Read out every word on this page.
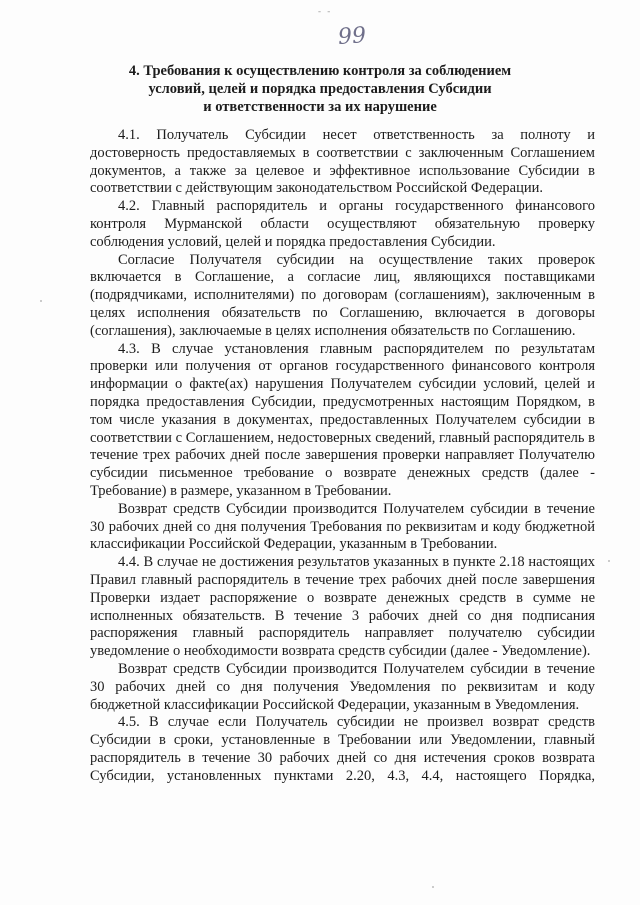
- -
99
4. Требования к осуществлению контроля за соблюдением
условий, целей и порядка предоставления Субсидии
и ответственности за их нарушение

4.1. Получатель Субсидии несет ответственность за полноту и достоверность предоставляемых в соответствии с заключенным Соглашением документов, а также за целевое и эффективное использование Субсидии в соответствии с действующим законодательством Российской Федерации.

4.2. Главный распорядитель и органы государственного финансового контроля Мурманской области осуществляют обязательную проверку соблюдения условий, целей и порядка предоставления Субсидии.

Согласие Получателя субсидии на осуществление таких проверок включается в Соглашение, а согласие лиц, являющихся поставщиками (подрядчиками, исполнителями) по договорам (соглашениям), заключенным в целях исполнения обязательств по Соглашению, включается в договоры (соглашения), заключаемые в целях исполнения обязательств по Соглашению.

4.3. В случае установления главным распорядителем по результатам проверки или получения от органов государственного финансового контроля информации о факте(ах) нарушения Получателем субсидии условий, целей и порядка предоставления Субсидии, предусмотренных настоящим Порядком, в том числе указания в документах, предоставленных Получателем субсидии в соответствии с Соглашением, недостоверных сведений, главный распорядитель в течение трех рабочих дней после завершения проверки направляет Получателю субсидии письменное требование о возврате денежных средств (далее - Требование) в размере, указанном в Требовании.

Возврат средств Субсидии производится Получателем субсидии в течение 30 рабочих дней со дня получения Требования по реквизитам и коду бюджетной классификации Российской Федерации, указанным в Требовании.

4.4. В случае не достижения результатов указанных в пункте 2.18 настоящих Правил главный распорядитель в течение трех рабочих дней после завершения Проверки издает распоряжение о возврате денежных средств в сумме не исполненных обязательств. В течение 3 рабочих дней со дня подписания распоряжения главный распорядитель направляет получателю субсидии уведомление о необходимости возврата средств субсидии (далее - Уведомление).

Возврат средств Субсидии производится Получателем субсидии в течение 30 рабочих дней со дня получения Уведомления по реквизитам и коду бюджетной классификации Российской Федерации, указанным в Уведомления.

4.5. В случае если Получатель субсидии не произвел возврат средств Субсидии в сроки, установленные в Требовании или Уведомлении, главный распорядитель в течение 30 рабочих дней со дня истечения сроков возврата Субсидии, установленных пунктами 2.20, 4.3, 4.4, настоящего Порядка,
